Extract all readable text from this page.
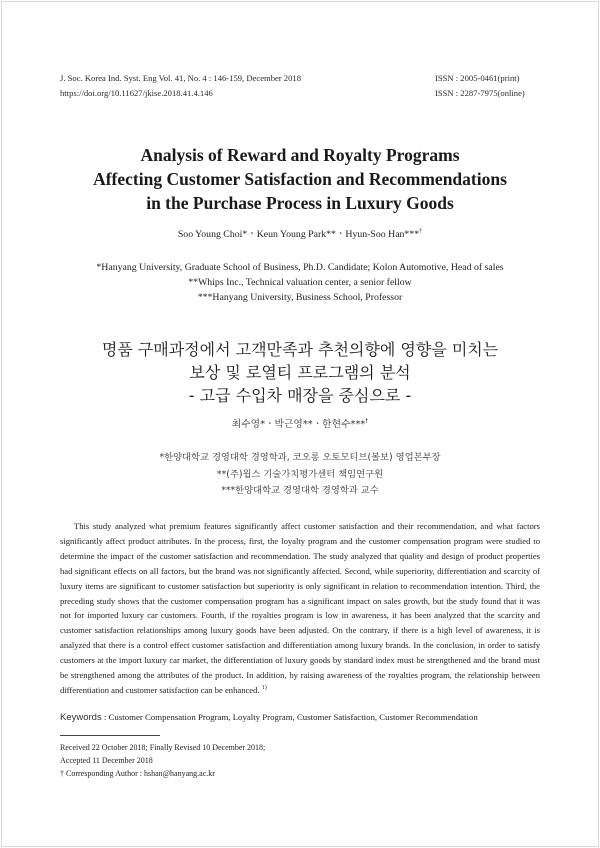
J. Soc. Korea Ind. Syst. Eng Vol. 41, No. 4 : 146-159, December 2018
https://doi.org/10.11627/jkise.2018.41.4.146
ISSN : 2005-0461(print)
ISSN : 2287-7975(online)
Analysis of Reward and Royalty Programs
Affecting Customer Satisfaction and Recommendations
in the Purchase Process in Luxury Goods
Soo Young Choi*ㆍKeun Young Park**ㆍHyun-Soo Han***†
*Hanyang University, Graduate School of Business, Ph.D. Candidate; Kolon Automotive, Head of sales
**Whips Inc., Technical valuation center, a senior fellow
***Hanyang University, Business School, Professor
명품 구매과정에서 고객만족과 추천의향에 영향을 미치는
보상 및 로열티 프로그램의 분석
- 고급 수입차 매장을 중심으로 -
최수영*ㆍ박근영**ㆍ한현수***†
*한양대학교 경영대학 경영학과, 코오롱 오토모티브(볼보) 영업본부장
**(주)윕스 기술가치평가센터 책임연구원
***한양대학교 경영대학 경영학과 교수

This study analyzed what premium features significantly affect customer satisfaction and their recommendation, and what factors significantly affect product attributes. In the process, first, the loyalty program and the customer compensation program were studied to determine the impact of the customer satisfaction and recommendation. The study analyzed that quality and design of product properties had significant effects on all factors, but the brand was not significantly affected. Second, while superiority, differentiation and scarcity of luxury items are significant to customer satisfaction but superiority is only significant in relation to recommendation intention. Third, the preceding study shows that the customer compensation program has a significant impact on sales growth, but the study found that it was not for imported luxury car customers. Fourth, if the royalties program is low in awareness, it has been analyzed that the scarcity and customer satisfaction relationships among luxury goods have been adjusted. On the contrary, if there is a high level of awareness, it is analyzed that there is a control effect customer satisfaction and differentiation among luxury brands. In the conclusion, in order to satisfy customers at the import luxury car market, the differentiation of luxury goods by standard index must be strengthened and the brand must be strengthened among the attributes of the product. In addition, by raising awareness of the royalties program, the relationship between differentiation and customer satisfaction can be enhanced. $^{1)}$

Keywords : Customer Compensation Program, Loyalty Program, Customer Satisfaction, Customer Recommendation
Received 22 October 2018; Finally Revised 10 December 2018;
Accepted 11 December 2018
† Corresponding Author : hshan@hanyang.ac.kr
